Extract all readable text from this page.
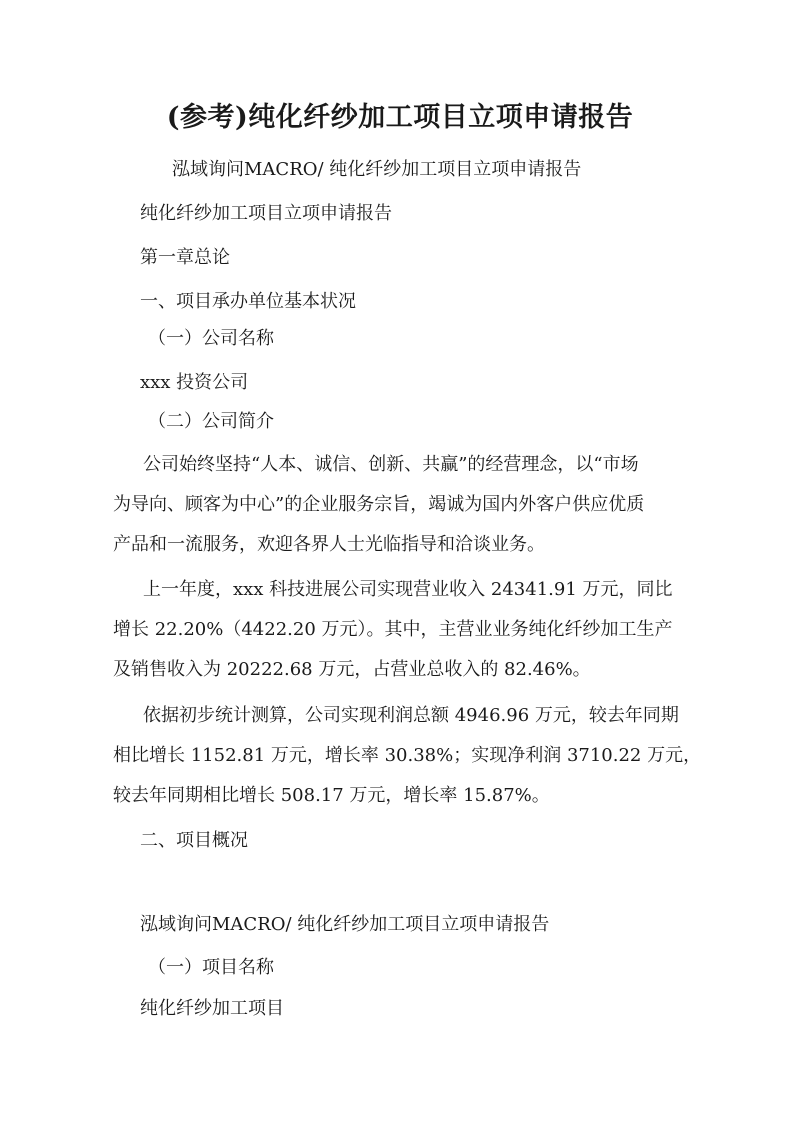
(参考)纯化纤纱加工项目立项申请报告

泓域询问MACRO/ 纯化纤纱加工项目立项申请报告

纯化纤纱加工项目立项申请报告

第一章总论

一、项目承办单位基本状况

（一）公司名称

xxx 投资公司

（二）公司简介

公司始终坚持“人本、诚信、创新、共赢”的经营理念，以“市场
为导向、顾客为中心”的企业服务宗旨，竭诚为国内外客户供应优质
产品和一流服务，欢迎各界人士光临指导和洽谈业务。
上一年度，xxx 科技进展公司实现营业收入 24341.91 万元，同比
增长 22.20%（4422.20 万元）。其中，主营业业务纯化纤纱加工生产
及销售收入为 20222.68 万元，占营业总收入的 82.46%。
依据初步统计测算，公司实现利润总额 4946.96 万元，较去年同期
相比增长 1152.81 万元，增长率 30.38%；实现净利润 3710.22 万元，
较去年同期相比增长 508.17 万元，增长率 15.87%。

二、项目概况

泓域询问MACRO/ 纯化纤纱加工项目立项申请报告

（一）项目名称

纯化纤纱加工项目
